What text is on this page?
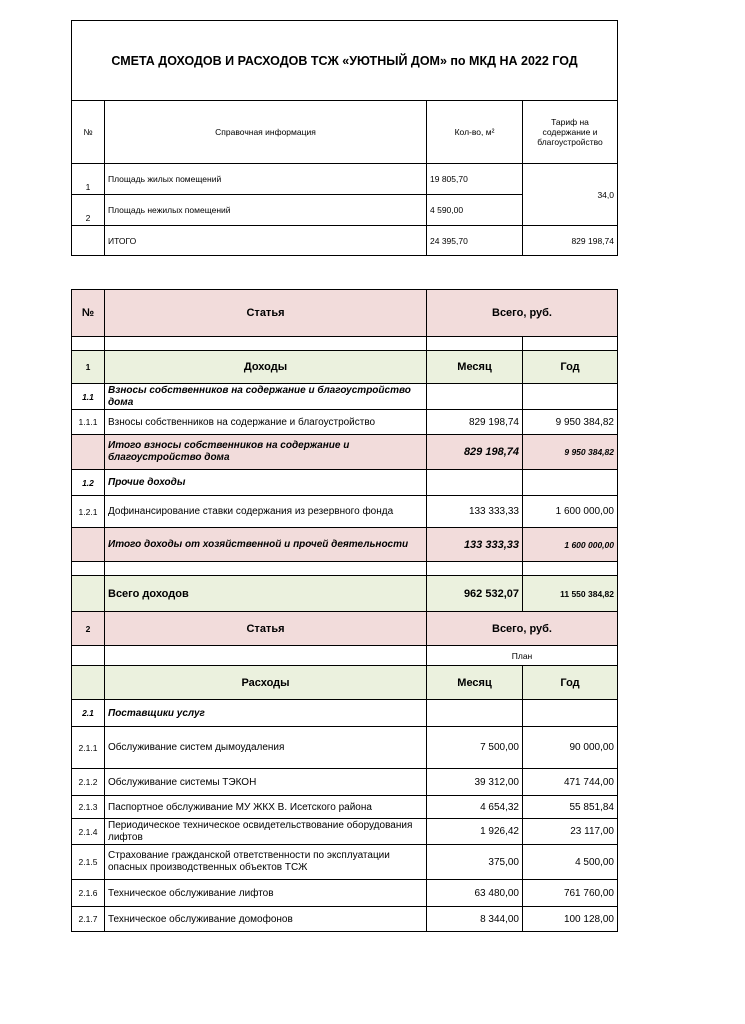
СМЕТА ДОХОДОВ И РАСХОДОВ ТСЖ «УЮТНЫЙ ДОМ» по МКД НА 2022 ГОД			
№	Справочная информация	Кол-во, м²	Тариф на содержание и благоустройство
1	Площадь жилых помещений	19 805,70	34,0
2	Площадь нежилых помещений	4 590,00	
	ИТОГО	24 395,70	829 198,74
№	Статья	Всего, руб.	

1	Доходы	Месяц	Год
1.1	Взносы собственников на содержание и благоустройство дома		
1.1.1	Взносы собственников на содержание и благоустройство	829 198,74	9 950 384,82
	Итого взносы собственников на содержание и благоустройство дома	829 198,74	9 950 384,82
1.2	Прочие доходы		
1.2.1	Дофинансирование ставки содержания из резервного фонда	133 333,33	1 600 000,00
	Итого доходы от хозяйственной и прочей деятельности	133 333,33	1 600 000,00

	Всего доходов	962 532,07	11 550 384,82
2	Статья	Всего, руб.	
		План	
	Расходы	Месяц	Год
2.1	Поставщики услуг		
2.1.1	Обслуживание систем дымоудаления	7 500,00	90 000,00
2.1.2	Обслуживание системы ТЭКОН	39 312,00	471 744,00
2.1.3	Паспортное обслуживание МУ ЖКХ В. Исетского района	4 654,32	55 851,84
2.1.4	Периодическое техническое освидетельствование оборудования лифтов	1 926,42	23 117,00
2.1.5	Страхование гражданской ответственности по эксплуатации опасных производственных объектов ТСЖ	375,00	4 500,00
2.1.6	Техническое обслуживание лифтов	63 480,00	761 760,00
2.1.7	Техническое обслуживание домофонов	8 344,00	100 128,00
